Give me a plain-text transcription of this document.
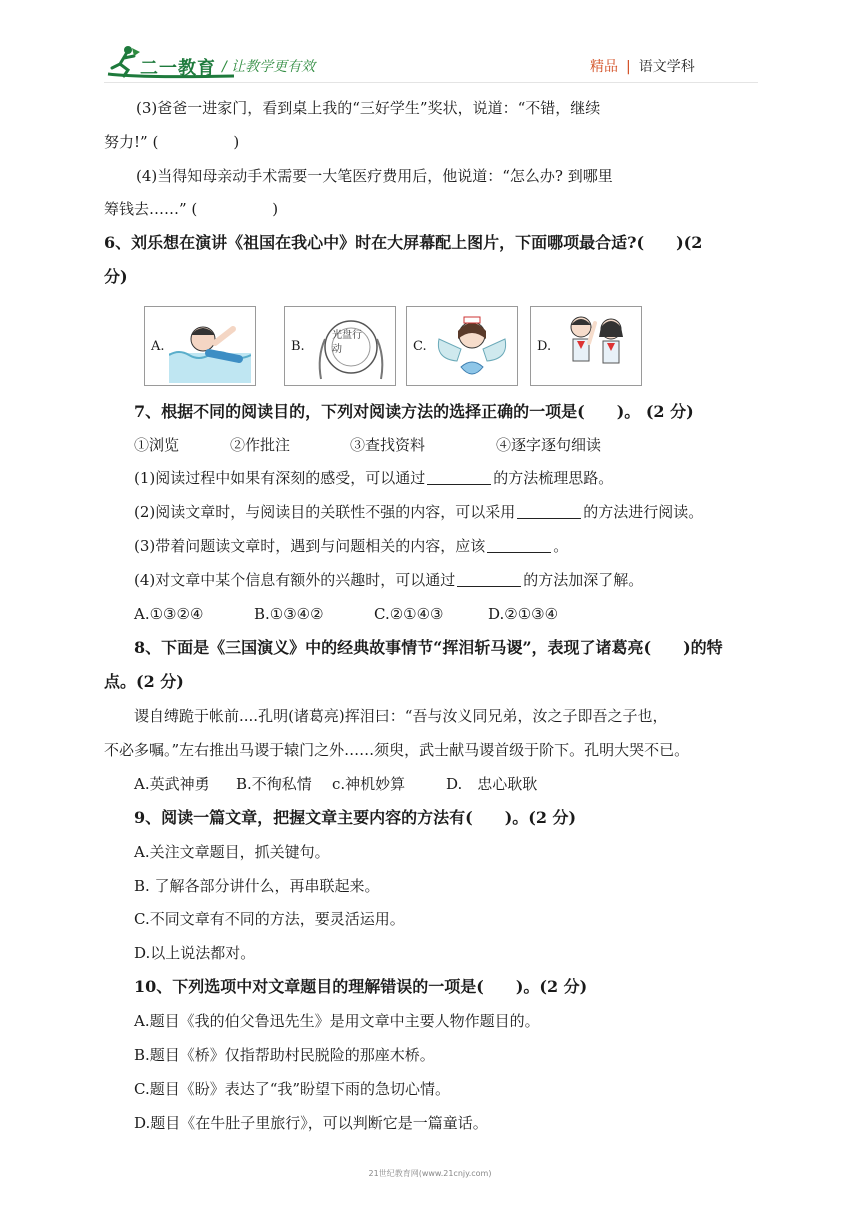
二一教育 / 让教学更有效	精品 | 语文学科
(3)爸爸一进家门，看到桌上我的“三好学生”奖状，说道：“不错，继续
努力!” (　　　　　)
(4)当得知母亲动手术需要一大笔医疗费用后，他说道：“怎么办? 到哪里
筹钱去……” (　　　　　)
6、刘乐想在演讲《祖国在我心中》时在大屏幕配上图片，下面哪项最合适?(　　)(2
分)
A.	B.
光盘行动	C.	D.
7、根据不同的阅读目的，下列对阅读方法的选择正确的一项是(　　)。 (2 分)
①浏览	②作批注	③查找资料	④逐字逐句细读
(1)阅读过程中如果有深刻的感受，可以通过	的方法梳理思路。
(2)阅读文章时，与阅读目的关联性不强的内容，可以采用	的方法进行阅读。
(3)带着问题读文章时，遇到与问题相关的内容，应该	。
(4)对文章中某个信息有额外的兴趣时，可以通过	的方法加深了解。
A.①③②④	B.①③④②	C.②①④③	D.②①③④
8、下面是《三国演义》中的经典故事情节“挥泪斩马谡”，表现了诸葛亮(　　)的特
点。(2 分)
谡自缚跪于帐前....孔明(诸葛亮)挥泪曰：“吾与汝义同兄弟，汝之子即吾之子也，
不必多嘱。”左右推出马谡于辕门之外……须臾，武士献马谡首级于阶下。孔明大哭不已。
A.英武神勇 B.不徇私情 c.神机妙算	D.　忠心耿耿
9、阅读一篇文章，把握文章主要内容的方法有(　　)。(2 分)
A.关注文章题目，抓关键句。
B. 了解各部分讲什么，再串联起来。
C.不同文章有不同的方法，要灵活运用。
D.以上说法都对。
10、下列选项中对文章题目的理解错误的一项是(　　)。(2 分)
A.题目《我的伯父鲁迅先生》是用文章中主要人物作题目的。
B.题目《桥》仅指帮助村民脱险的那座木桥。
C.题目《盼》表达了“我”盼望下雨的急切心情。
D.题目《在牛肚子里旅行》，可以判断它是一篇童话。
21世纪教育网(www.21cnjy.com)
